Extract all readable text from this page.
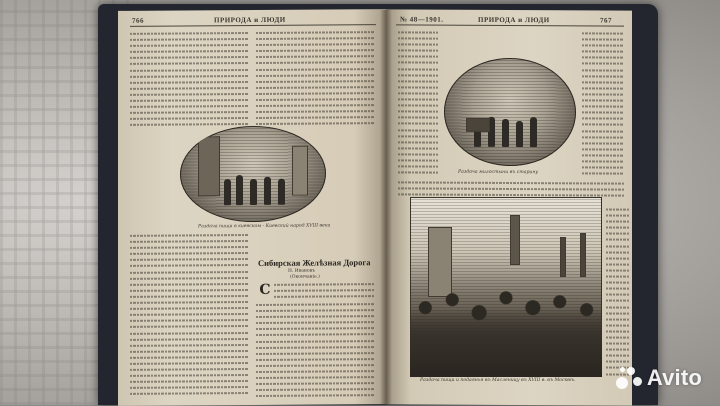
766	ПРИРОДА и ЛЮДИ
Раздача пищи в киевском - Киевский народ XVIII века
Сибирская Желѣзная Дорога
Н. Ивановъ
(Окончаніе.)
С
№ 48—1901.	ПРИРОДА и ЛЮДИ	767
Раздача милостыни въ старину
Раздача пищи и подаянья въ Масленицу въ XVIII в. въ Москвѣ.	Avito
